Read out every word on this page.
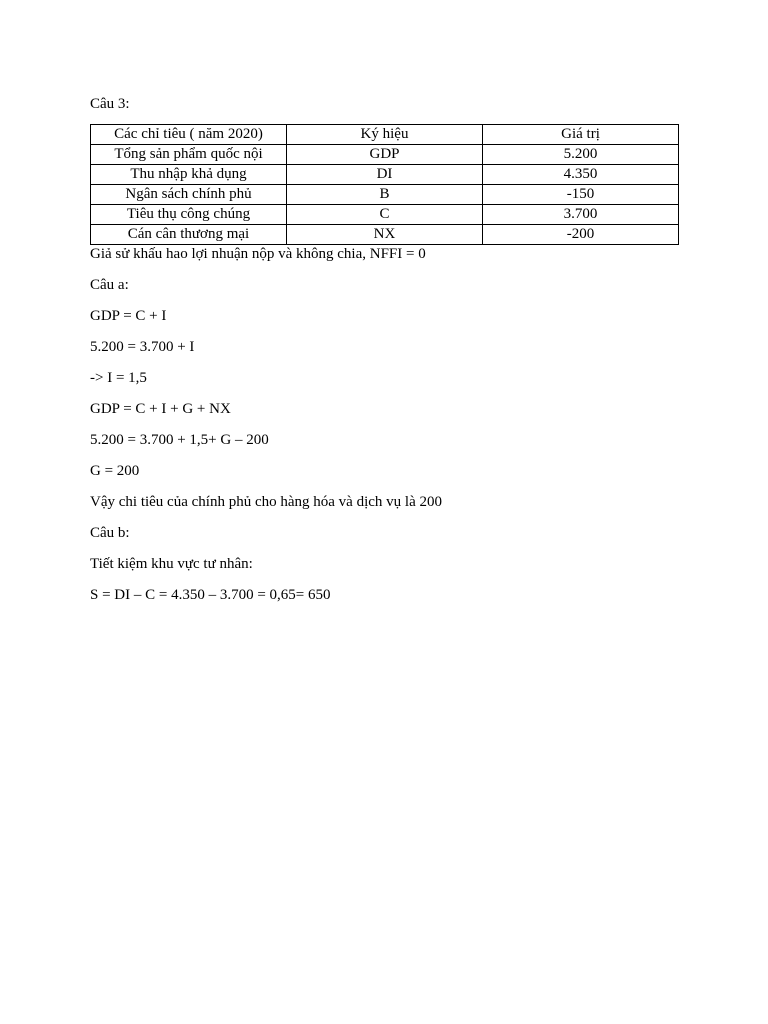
Câu 3:

Các chỉ tiêu ( năm 2020)	Ký hiệu	Giá trị
Tổng sản phẩm quốc nội	GDP	5.200
Thu nhập khả dụng	DI	4.350
Ngân sách chính phủ	B	-150
Tiêu thụ công chúng	C	3.700
Cán cân thương mại	NX	-200

Giả sử khấu hao lợi nhuận nộp và không chia, NFFI = 0

Câu a:
GDP = C + I
5.200 = 3.700 + I
-> I = 1,5
GDP = C + I + G + NX
5.200 = 3.700 + 1,5+ G – 200
G = 200
Vậy chi tiêu của chính phủ cho hàng hóa và dịch vụ là 200
Câu b:
Tiết kiệm khu vực tư nhân:
S = DI – C = 4.350 – 3.700 = 0,65= 650
